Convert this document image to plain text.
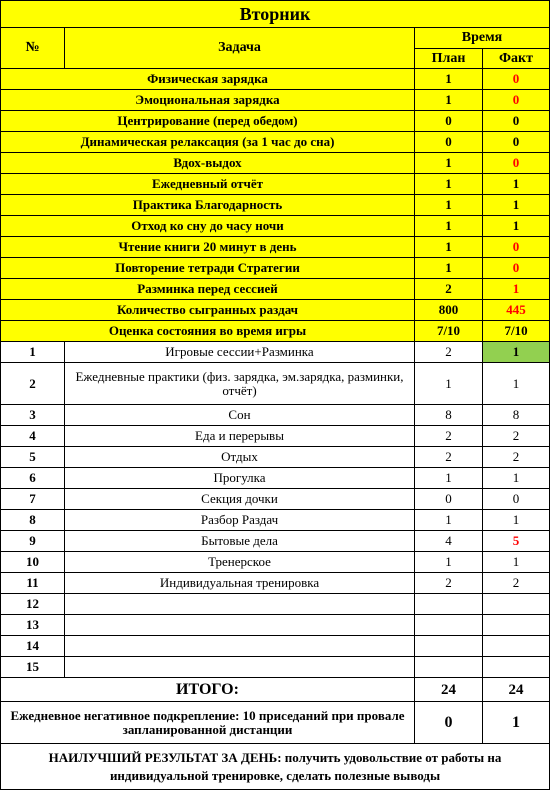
Вторник			
№	Задача	Время	
		План	Факт
Физическая зарядка		1	0
Эмоциональная зарядка		1	0
Центрирование (перед обедом)		0	0
Динамическая релаксация (за 1 час до сна)		0	0
Вдох-выдох		1	0
Ежедневный отчёт		1	1
Практика Благодарность		1	1
Отход ко сну до часу ночи		1	1
Чтение книги 20 минут в день		1	0
Повторение тетради Стратегии		1	0
Разминка перед сессией		2	1
Количество сыгранных раздач		800	445
Оценка состояния во время игры		7/10	7/10
1	Игровые сессии+Разминка	2	1
2	Ежедневные практики (физ. зарядка, эм.зарядка, разминки, отчёт)	1	1
3	Сон	8	8
4	Еда и перерывы	2	2
5	Отдых	2	2
6	Прогулка	1	1
7	Секция дочки	0	0
8	Разбор Раздач	1	1
9	Бытовые дела	4	5
10	Тренерское	1	1
11	Индивидуальная тренировка	2	2
12			
13			
14			
15			
ИТОГО:		24	24
Ежедневное негативное подкрепление: 10 приседаний при провале запланированной дистанции		0	1
НАИЛУЧШИЙ РЕЗУЛЬТАТ ЗА ДЕНЬ: получить удовольствие от работы на индивидуальной тренировке, сделать полезные выводы			
